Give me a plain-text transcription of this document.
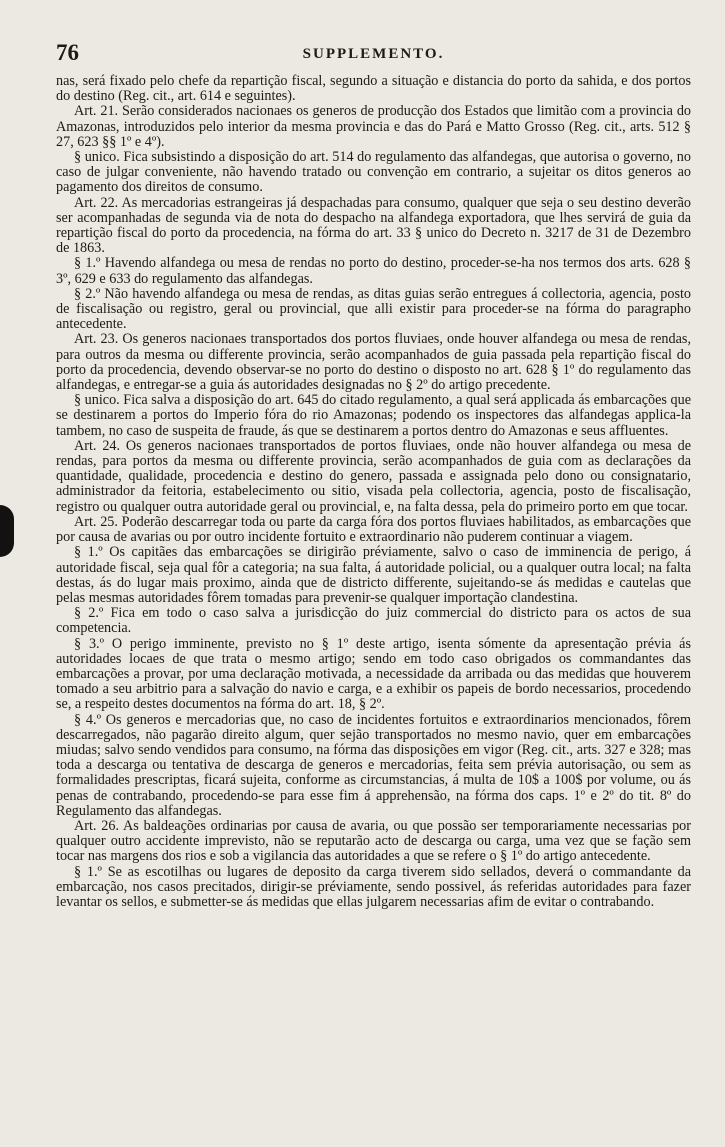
76	SUPPLEMENTO.

nas, será fixado pelo chefe da repartição fiscal, segundo a situação e distancia do porto da sahida, e dos portos do destino (Reg. cit., art. 614 e seguintes).

Art. 21. Serão considerados nacionaes os generos de producção dos Estados que limitão com a provincia do Amazonas, introduzidos pelo interior da mesma provincia e das do Pará e Matto Grosso (Reg. cit., arts. 512 § 27, 623 §§ 1º e 4º).

§ unico. Fica subsistindo a disposição do art. 514 do regulamento das alfandegas, que autorisa o governo, no caso de julgar conveniente, não havendo tratado ou convenção em contrario, a sujeitar os ditos generos ao pagamento dos direitos de consumo.

Art. 22. As mercadorias estrangeiras já despachadas para consumo, qualquer que seja o seu destino deverão ser acompanhadas de segunda via de nota do despacho na alfandega exportadora, que lhes servirá de guia da repartição fiscal do porto da procedencia, na fórma do art. 33 § unico do Decreto n. 3217 de 31 de Dezembro de 1863.

§ 1.º Havendo alfandega ou mesa de rendas no porto do destino, proceder-se-ha nos termos dos arts. 628 § 3º, 629 e 633 do regulamento das alfandegas.

§ 2.º Não havendo alfandega ou mesa de rendas, as ditas guias serão entregues á collectoria, agencia, posto de fiscalisação ou registro, geral ou provincial, que alli existir para proceder-se na fórma do paragrapho antecedente.

Art. 23. Os generos nacionaes transportados dos portos fluviaes, onde houver alfandega ou mesa de rendas, para outros da mesma ou differente provincia, serão acompanhados de guia passada pela repartição fiscal do porto da procedencia, devendo observar-se no porto do destino o disposto no art. 628 § 1º do regulamento das alfandegas, e entregar-se a guia ás autoridades designadas no § 2º do artigo precedente.

§ unico. Fica salva a disposição do art. 645 do citado regulamento, a qual será applicada ás embarcações que se destinarem a portos do Imperio fóra do rio Amazonas; podendo os inspectores das alfandegas applica-la tambem, no caso de suspeita de fraude, ás que se destinarem a portos dentro do Amazonas e seus affluentes.

Art. 24. Os generos nacionaes transportados de portos fluviaes, onde não houver alfandega ou mesa de rendas, para portos da mesma ou differente provincia, serão acompanhados de guia com as declarações da quantidade, qualidade, procedencia e destino do genero, passada e assignada pelo dono ou consignatario, administrador da feitoria, estabelecimento ou sitio, visada pela collectoria, agencia, posto de fiscalisação, registro ou qualquer outra autoridade geral ou provincial, e, na falta dessa, pela do primeiro porto em que tocar.

Art. 25. Poderão descarregar toda ou parte da carga fóra dos portos fluviaes habilitados, as embarcações que por causa de avarias ou por outro incidente fortuito e extraordinario não puderem continuar a viagem.

§ 1.º Os capitães das embarcações se dirigirão préviamente, salvo o caso de imminencia de perigo, á autoridade fiscal, seja qual fôr a categoria; na sua falta, á autoridade policial, ou a qualquer outra local; na falta destas, ás do lugar mais proximo, ainda que de districto differente, sujeitando-se ás medidas e cautelas que pelas mesmas autoridades fôrem tomadas para prevenir-se qualquer importação clandestina.

§ 2.º Fica em todo o caso salva a jurisdicção do juiz commercial do districto para os actos de sua competencia.

§ 3.º O perigo imminente, previsto no § 1º deste artigo, isenta sómente da apresentação prévia ás autoridades locaes de que trata o mesmo artigo; sendo em todo caso obrigados os commandantes das embarcações a provar, por uma declaração motivada, a necessidade da arribada ou das medidas que houverem tomado a seu arbitrio para a salvação do navio e carga, e a exhibir os papeis de bordo necessarios, procedendo se, a respeito destes documentos na fórma do art. 18, § 2º.

§ 4.º Os generos e mercadorias que, no caso de incidentes fortuitos e extraordinarios mencionados, fôrem descarregados, não pagarão direito algum, quer sejão transportados no mesmo navio, quer em embarcações miudas; salvo sendo vendidos para consumo, na fórma das disposições em vigor (Reg. cit., arts. 327 e 328; mas toda a descarga ou tentativa de descarga de generos e mercadorias, feita sem prévia autorisação, ou sem as formalidades prescriptas, ficará sujeita, conforme as circumstancias, á multa de 10$ a 100$ por volume, ou ás penas de contrabando, procedendo-se para esse fim á apprehensão, na fórma dos caps. 1º e 2º do tit. 8º do Regulamento das alfandegas.

Art. 26. As baldeações ordinarias por causa de avaria, ou que possão ser temporariamente necessarias por qualquer outro accidente imprevisto, não se reputarão acto de descarga ou carga, uma vez que se fação sem tocar nas margens dos rios e sob a vigilancia das autoridades a que se refere o § 1º do artigo antecedente.

§ 1.º Se as escotilhas ou lugares de deposito da carga tiverem sido sellados, deverá o commandante da embarcação, nos casos precitados, dirigir-se préviamente, sendo possivel, ás referidas autoridades para fazer levantar os sellos, e submetter-se ás medidas que ellas julgarem necessarias afim de evitar o contrabando.
